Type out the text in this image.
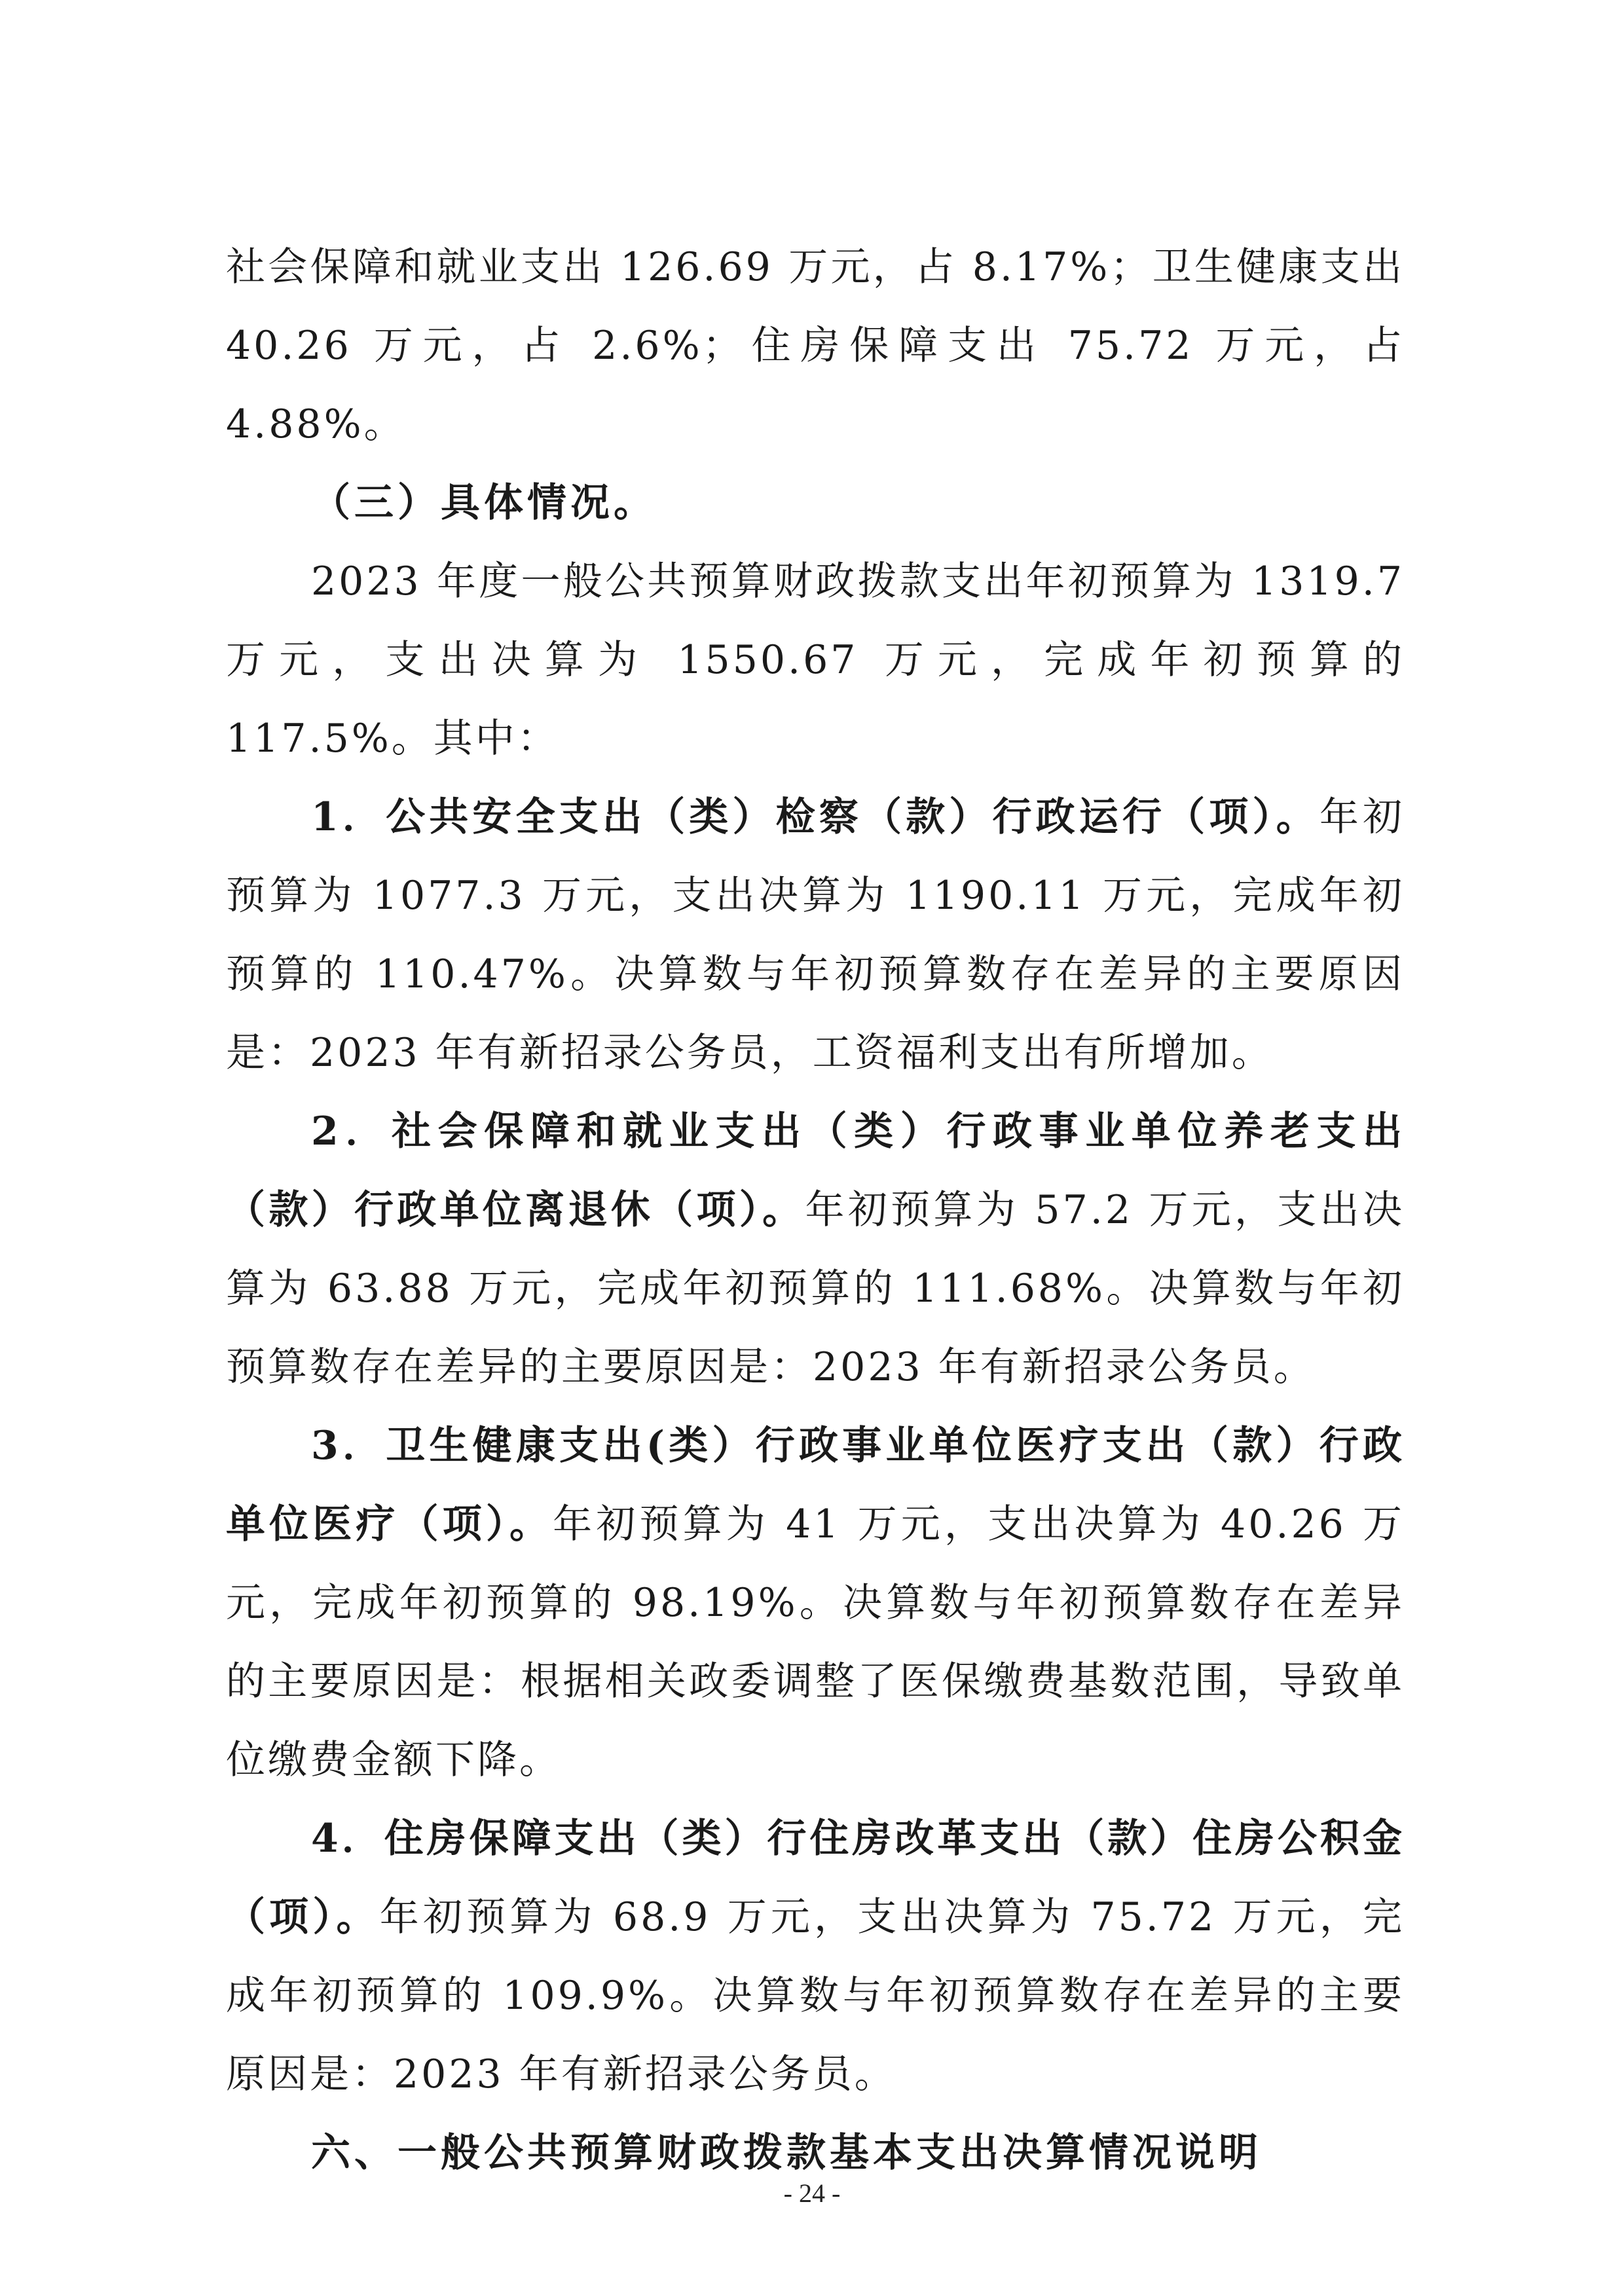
社会保障和就业支出 126.69 万元，占 8.17%；卫生健康支出 40.26 万元，占 2.6%；住房保障支出 75.72 万元，占 4.88%。

（三）具体情况。

2023 年度一般公共预算财政拨款支出年初预算为 1319.7 万元，支出决算为 1550.67 万元，完成年初预算的 117.5%。其中：

1．公共安全支出（类）检察（款）行政运行（项）。年初预算为 1077.3 万元，支出决算为 1190.11 万元，完成年初预算的 110.47%。决算数与年初预算数存在差异的主要原因是：2023 年有新招录公务员，工资福利支出有所增加。

2．社会保障和就业支出（类）行政事业单位养老支出（款）行政单位离退休（项）。年初预算为 57.2 万元，支出决算为 63.88 万元，完成年初预算的 111.68%。决算数与年初预算数存在差异的主要原因是：2023 年有新招录公务员。

3．卫生健康支出(类）行政事业单位医疗支出（款）行政单位医疗（项）。年初预算为 41 万元，支出决算为 40.26 万元，完成年初预算的 98.19%。决算数与年初预算数存在差异的主要原因是：根据相关政委调整了医保缴费基数范围，导致单位缴费金额下降。

4．住房保障支出（类）行住房改革支出（款）住房公积金（项）。年初预算为 68.9 万元，支出决算为 75.72 万元，完成年初预算的 109.9%。决算数与年初预算数存在差异的主要原因是：2023 年有新招录公务员。

六、一般公共预算财政拨款基本支出决算情况说明

- 24 -
